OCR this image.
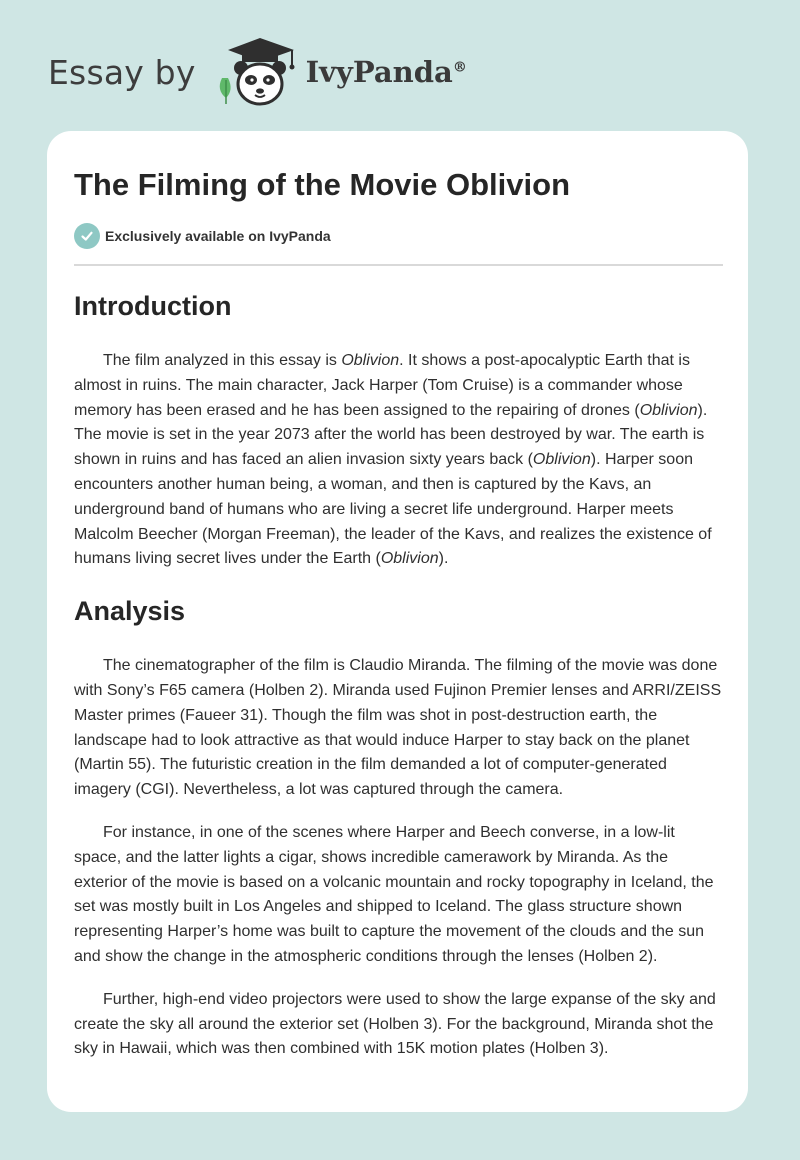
Essay by	IvyPanda®
The Filming of the Movie Oblivion
Exclusively available on IvyPanda
Introduction

The film analyzed in this essay is Oblivion. It shows a post-apocalyptic Earth that is almost in ruins. The main character, Jack Harper (Tom Cruise) is a commander whose memory has been erased and he has been assigned to the repairing of drones (Oblivion). The movie is set in the year 2073 after the world has been destroyed by war. The earth is shown in ruins and has faced an alien invasion sixty years back (Oblivion). Harper soon encounters another human being, a woman, and then is captured by the Kavs, an underground band of humans who are living a secret life underground. Harper meets Malcolm Beecher (Morgan Freeman), the leader of the Kavs, and realizes the existence of humans living secret lives under the Earth (Oblivion).

Analysis

The cinematographer of the film is Claudio Miranda. The filming of the movie was done with Sony’s F65 camera (Holben 2). Miranda used Fujinon Premier lenses and ARRI/ZEISS Master primes (Faueer 31). Though the film was shot in post-destruction earth, the landscape had to look attractive as that would induce Harper to stay back on the planet (Martin 55). The futuristic creation in the film demanded a lot of computer-generated imagery (CGI). Nevertheless, a lot was captured through the camera.

For instance, in one of the scenes where Harper and Beech converse, in a low-lit space, and the latter lights a cigar, shows incredible camerawork by Miranda. As the exterior of the movie is based on a volcanic mountain and rocky topography in Iceland, the set was mostly built in Los Angeles and shipped to Iceland. The glass structure shown representing Harper’s home was built to capture the movement of the clouds and the sun and show the change in the atmospheric conditions through the lenses (Holben 2).

Further, high-end video projectors were used to show the large expanse of the sky and create the sky all around the exterior set (Holben 3). For the background, Miranda shot the sky in Hawaii, which was then combined with 15K motion plates (Holben 3).
